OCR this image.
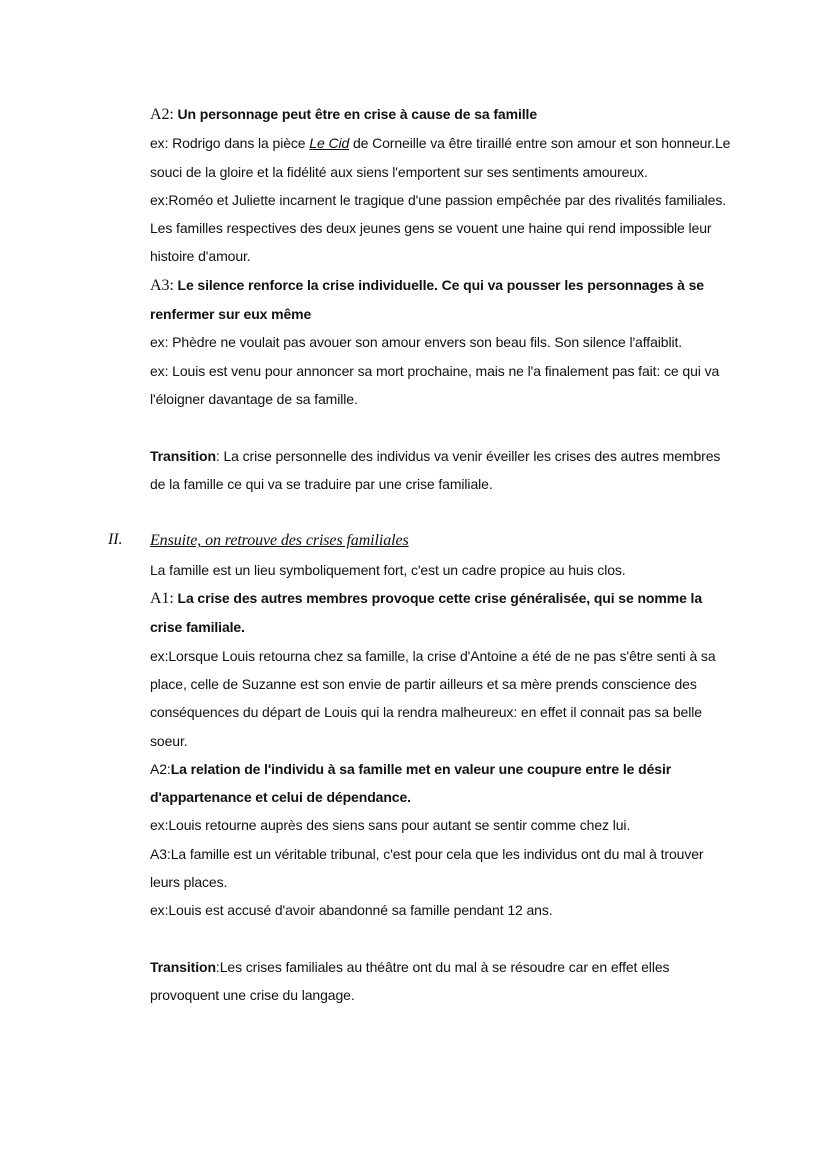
A2: Un personnage peut être en crise à cause de sa famille
ex: Rodrigo dans la pièce Le Cid de Corneille va être tiraillé entre son amour et son honneur.Le
souci de la gloire et la fidélité aux siens l'emportent sur ses sentiments amoureux.
ex:Roméo et Juliette incarnent le tragique d'une passion empêchée par des rivalités familiales.
Les familles respectives des deux jeunes gens se vouent une haine qui rend impossible leur
histoire d'amour.
A3: Le silence renforce la crise individuelle. Ce qui va pousser les personnages à se
renfermer sur eux même
ex: Phèdre ne voulait pas avouer son amour envers son beau fils. Son silence l'affaiblit.
ex: Louis est venu pour annoncer sa mort prochaine, mais ne l'a finalement pas fait: ce qui va
l'éloigner davantage de sa famille.
Transition: La crise personnelle des individus va venir éveiller les crises des autres membres
de la famille ce qui va se traduire par une crise familiale.
II. Ensuite, on retrouve des crises familiales
La famille est un lieu symboliquement fort, c'est un cadre propice au huis clos.
A1: La crise des autres membres provoque cette crise généralisée, qui se nomme la
crise familiale.
ex:Lorsque Louis retourna chez sa famille, la crise d'Antoine a été de ne pas s'être senti à sa
place, celle de Suzanne est son envie de partir ailleurs et sa mère prends conscience des
conséquences du départ de Louis qui la rendra malheureux: en effet il connait pas sa belle
soeur.
A2:La relation de l'individu à sa famille met en valeur une coupure entre le désir
d'appartenance et celui de dépendance.
ex:Louis retourne auprès des siens sans pour autant se sentir comme chez lui.
A3:La famille est un véritable tribunal, c'est pour cela que les individus ont du mal à trouver
leurs places.
ex:Louis est accusé d'avoir abandonné sa famille pendant 12 ans.
Transition:Les crises familiales au théâtre ont du mal à se résoudre car en effet elles
provoquent une crise du langage.
